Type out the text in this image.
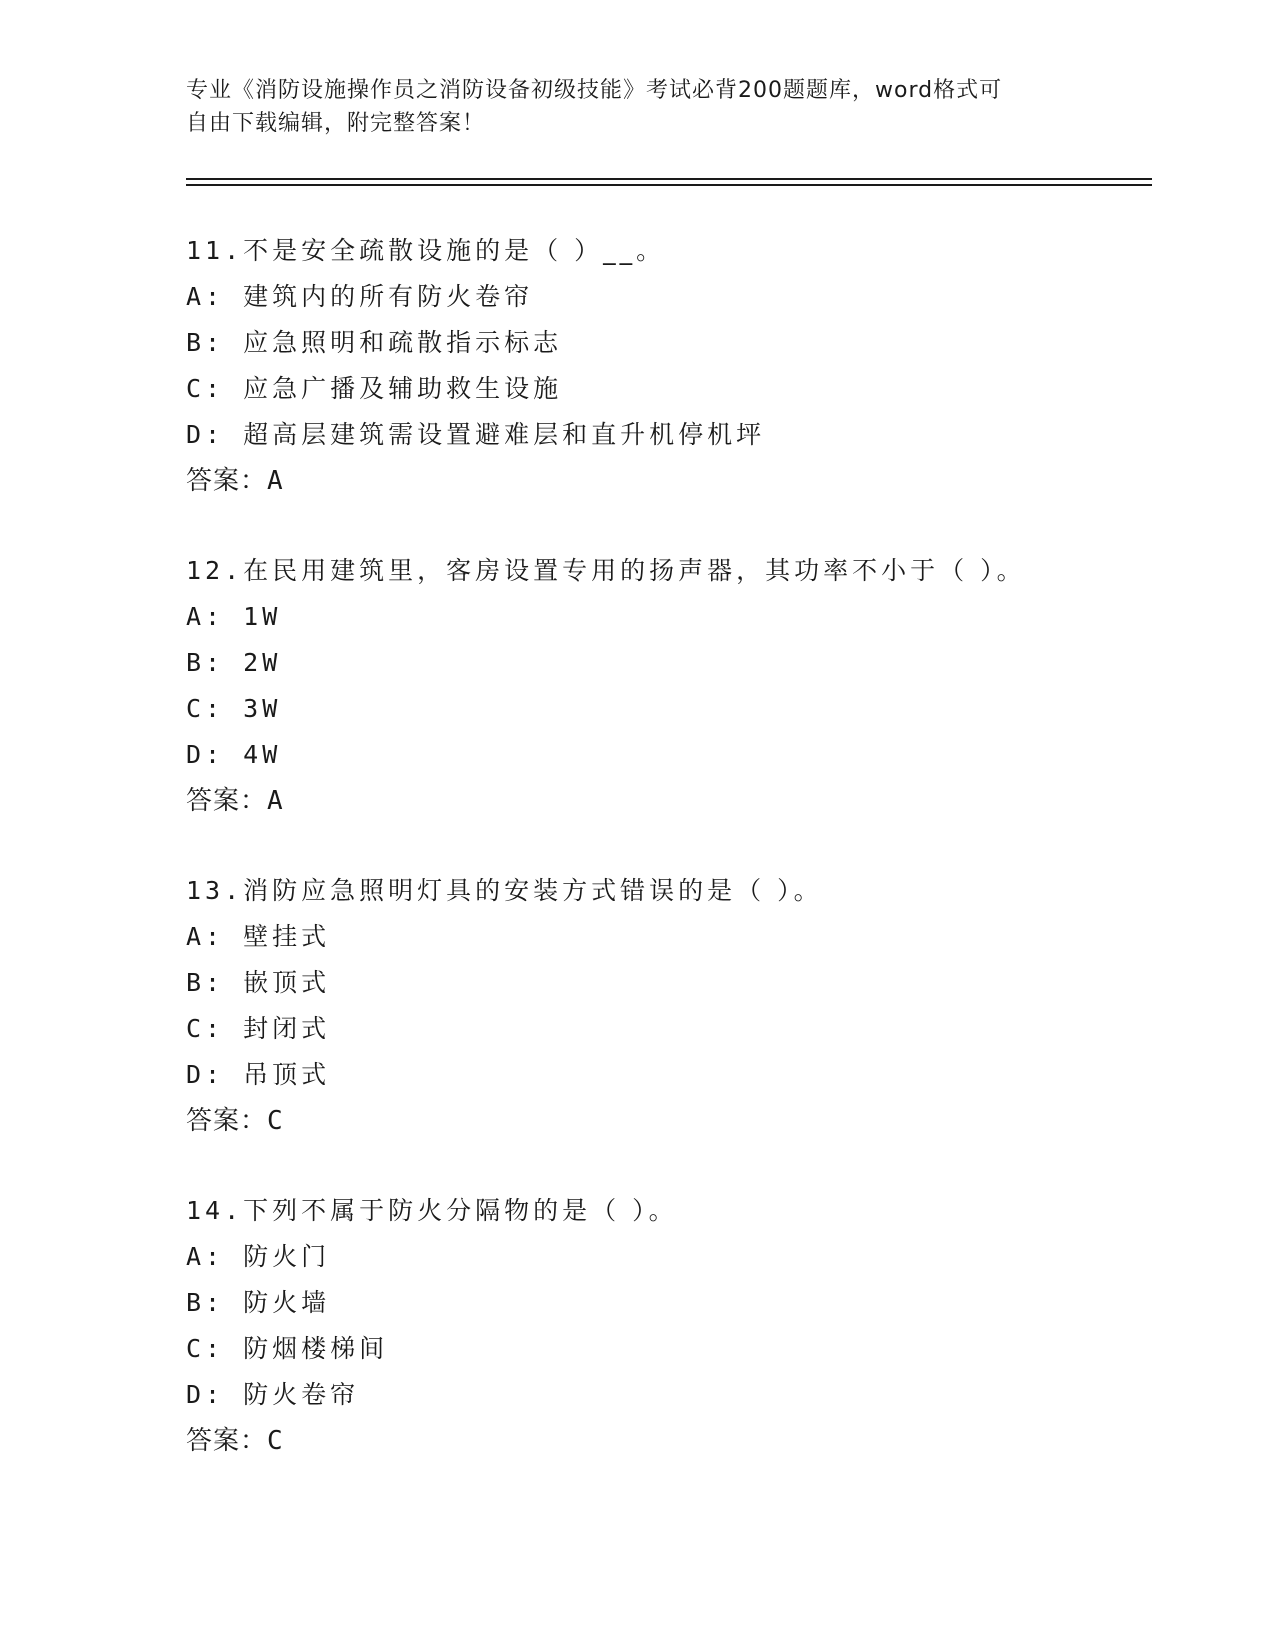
专业《消防设施操作员之消防设备初级技能》考试必背200题题库，word格式可
自由下载编辑，附完整答案！
11.不是安全疏散设施的是（ ）__。
A: 建筑内的所有防火卷帘
B: 应急照明和疏散指示标志
C: 应急广播及辅助救生设施
D: 超高层建筑需设置避难层和直升机停机坪
答案：A
12.在民用建筑里，客房设置专用的扬声器，其功率不小于（ ）。
A: 1W
B: 2W
C: 3W
D: 4W
答案：A
13.消防应急照明灯具的安装方式错误的是（ ）。
A: 壁挂式
B: 嵌顶式
C: 封闭式
D: 吊顶式
答案：C
14.下列不属于防火分隔物的是（ ）。
A: 防火门
B: 防火墙
C: 防烟楼梯间
D: 防火卷帘
答案：C
